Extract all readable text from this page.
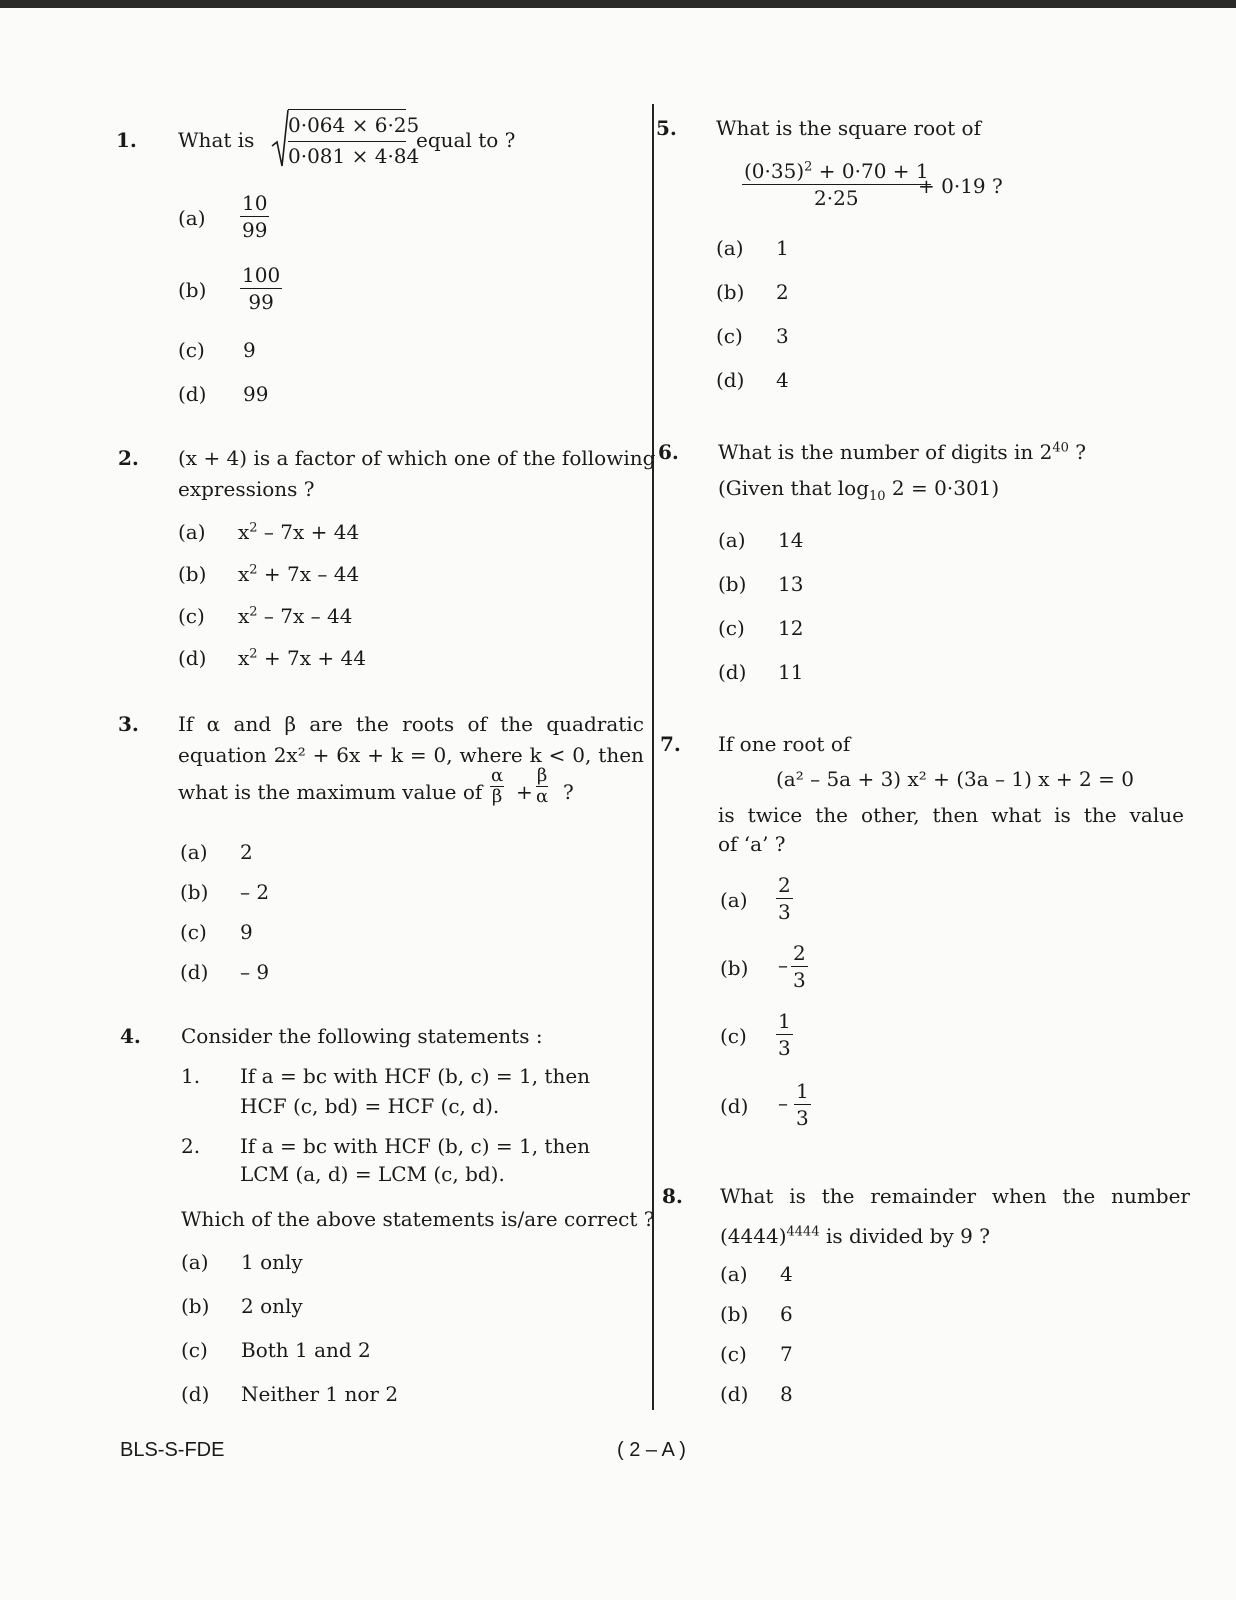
1. What is
0·064 × 6·25
0·081 × 4·84
equal to ?
$(a) \frac{10}{99}$
$(b) \frac{100}{99}$
(c) 9
(d) 99
2. (x + 4) is a factor of which one of the following
expressions ?
(a) $x^2 - 7x + 44$
(b) $x^2 + 7x - 44$
(c) $x^2 - 7x - 44$
(d) $x^2 + 7x + 44$
3. If α and β are the roots of the quadratic
equation 2x² + 6x + k = 0, where k < 0, then
what is the maximum value of $\frac{\alpha}{\beta} + \frac{\beta}{\alpha}$ ?
(a) 2
(b) – 2
(c) 9
(d) – 9
4. Consider the following statements :
1. If a = bc with HCF (b, c) = 1, then
HCF (c, bd) = HCF (c, d).
2. If a = bc with HCF (b, c) = 1, then
LCM (a, d) = LCM (c, bd).
Which of the above statements is/are correct ?
(a) 1 only
(b) 2 only
(c) Both 1 and 2
(d) Neither 1 nor 2
5. What is the square root of
$\frac{(0\cdot 35)^2 + 0\cdot 70 + 1}{2\cdot 25}$
+ 0·19 ?
(a) 1
(b) 2
(c) 3
(d) 4
6. What is the number of digits in $2^{40}$ ?
(Given that $\log_{10} 2 = 0\cdot 301$)
(a) 14
(b) 13
(c) 12
(d) 11
7. If one root of
(a² – 5a + 3) x² + (3a – 1) x + 2 = 0
is twice the other, then what is the value
of ‘a’ ?
$(a) \frac{2}{3}$
$(b) - \frac{2}{3}$
$(c) \frac{1}{3}$
$(d) - \frac{1}{3}$
8. What is the remainder when the number
$(4444)^{4444}$ is divided by 9 ?
(a) 4
(b) 6
(c) 7
(d) 8
BLS-S-FDE	( 2 – A )
